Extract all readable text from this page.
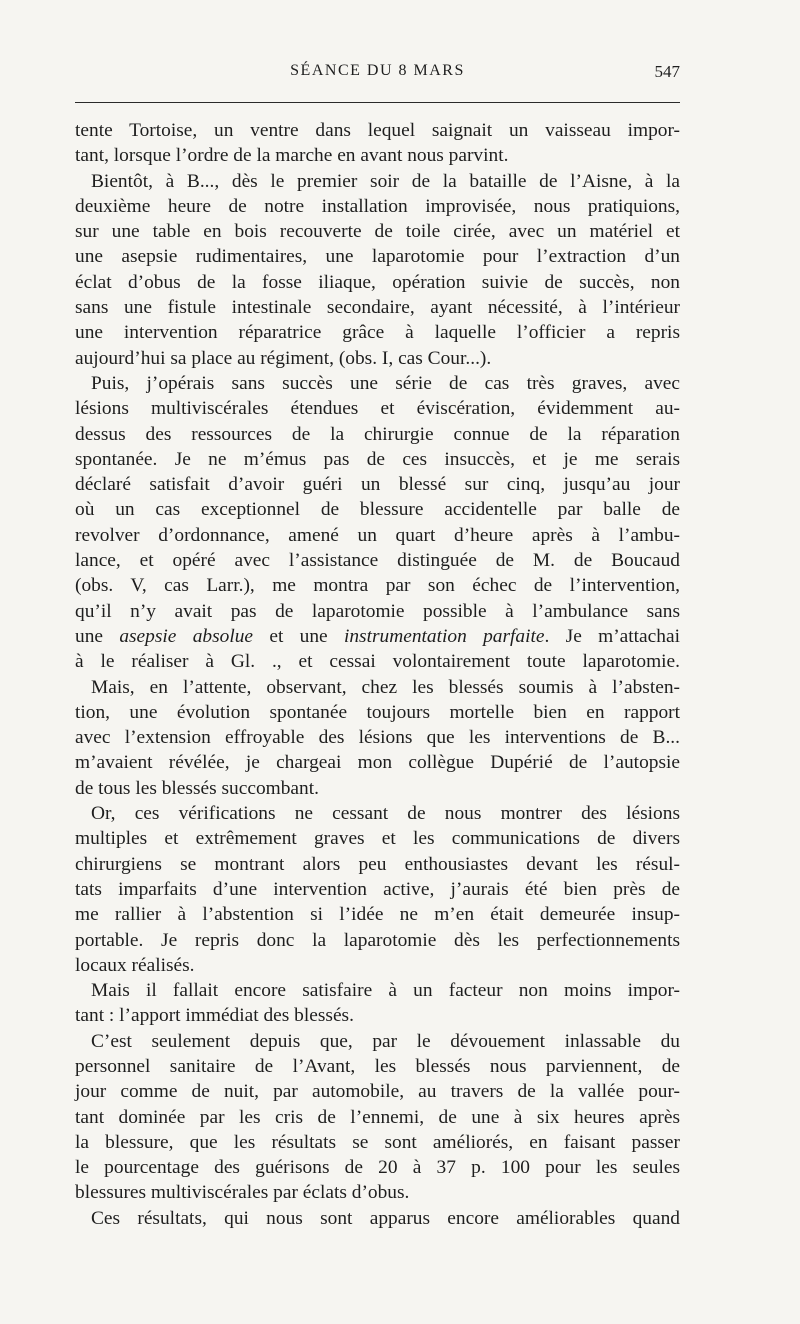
SÉANCE DU 8 MARS	547
tente Tortoise, un ventre dans lequel saignait un vaisseau impor-
tant, lorsque l’ordre de la marche en avant nous parvint.
Bientôt, à B..., dès le premier soir de la bataille de l’Aisne, à la
deuxième heure de notre installation improvisée, nous pratiquions,
sur une table en bois recouverte de toile cirée, avec un matériel et
une asepsie rudimentaires, une laparotomie pour l’extraction d’un
éclat d’obus de la fosse iliaque, opération suivie de succès, non
sans une fistule intestinale secondaire, ayant nécessité, à l’intérieur
une intervention réparatrice grâce à laquelle l’officier a repris
aujourd’hui sa place au régiment, (obs. I, cas Cour...).
Puis, j’opérais sans succès une série de cas très graves, avec
lésions multiviscérales étendues et éviscération, évidemment au-
dessus des ressources de la chirurgie connue de la réparation
spontanée. Je ne m’émus pas de ces insuccès, et je me serais
déclaré satisfait d’avoir guéri un blessé sur cinq, jusqu’au jour
où un cas exceptionnel de blessure accidentelle par balle de
revolver d’ordonnance, amené un quart d’heure après à l’ambu-
lance, et opéré avec l’assistance distinguée de M. de Boucaud
(obs. V, cas Larr.), me montra par son échec de l’intervention,
qu’il n’y avait pas de laparotomie possible à l’ambulance sans
une asepsie absolue et une instrumentation parfaite. Je m’attachai
à le réaliser à Gl. ., et cessai volontairement toute laparotomie.
Mais, en l’attente, observant, chez les blessés soumis à l’absten-
tion, une évolution spontanée toujours mortelle bien en rapport
avec l’extension effroyable des lésions que les interventions de B...
m’avaient révélée, je chargeai mon collègue Dupérié de l’autopsie
de tous les blessés succombant.
Or, ces vérifications ne cessant de nous montrer des lésions
multiples et extrêmement graves et les communications de divers
chirurgiens se montrant alors peu enthousiastes devant les résul-
tats imparfaits d’une intervention active, j’aurais été bien près de
me rallier à l’abstention si l’idée ne m’en était demeurée insup-
portable. Je repris donc la laparotomie dès les perfectionnements
locaux réalisés.
Mais il fallait encore satisfaire à un facteur non moins impor-
tant : l’apport immédiat des blessés.
C’est seulement depuis que, par le dévouement inlassable du
personnel sanitaire de l’Avant, les blessés nous parviennent, de
jour comme de nuit, par automobile, au travers de la vallée pour-
tant dominée par les cris de l’ennemi, de une à six heures après
la blessure, que les résultats se sont améliorés, en faisant passer
le pourcentage des guérisons de 20 à 37 p. 100 pour les seules
blessures multiviscérales par éclats d’obus.
Ces résultats, qui nous sont apparus encore améliorables quand
